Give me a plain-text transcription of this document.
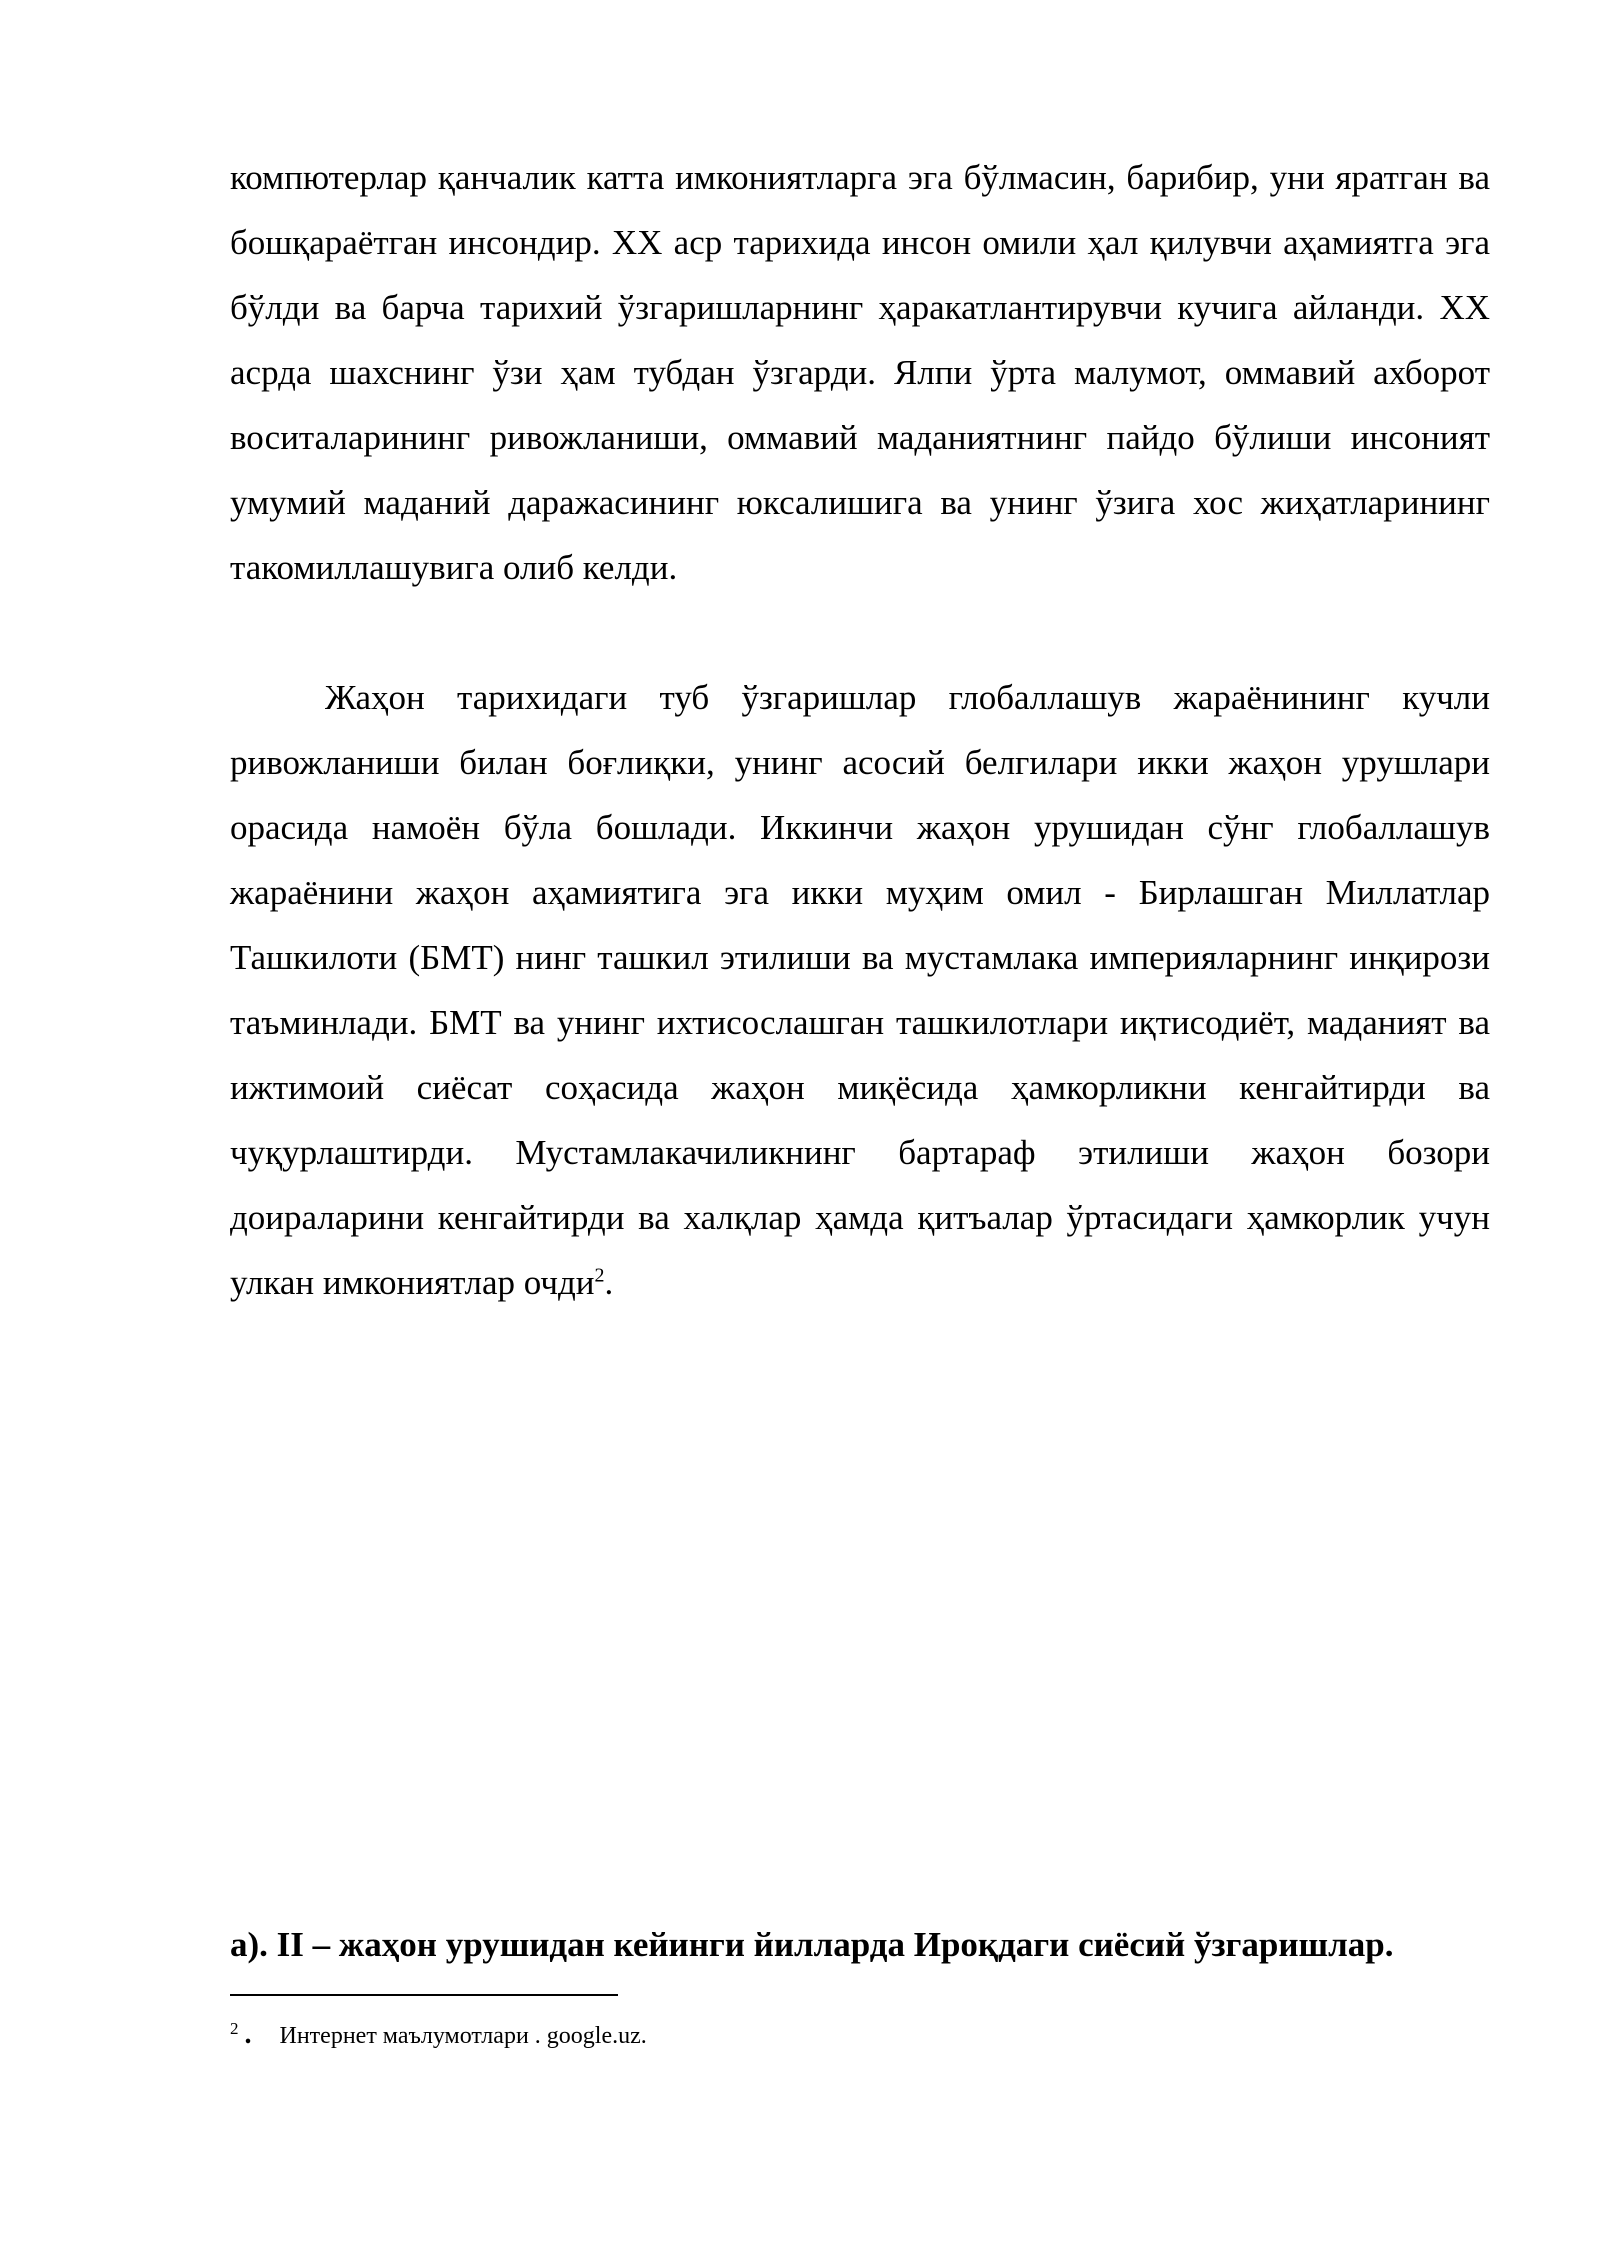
компютерлар қанчалик катта имкониятларга эга бўлмасин, барибир, уни яратган ва бошқараётган инсондир. XX аср тарихида инсон омили ҳал қилувчи аҳамиятга эга бўлди ва барча тарихий ўзгаришларнинг ҳаракатлантирувчи кучига айланди. XX асрда шахснинг ўзи ҳам тубдан ўзгарди. Ялпи ўрта малумот, оммавий ахборот воситаларининг ривожланиши, оммавий маданиятнинг пайдо бўлиши инсоният умумий маданий даражасининг юксалишига ва унинг ўзига хос жиҳатларининг такомиллашувига олиб келди.

Жаҳон тарихидаги туб ўзгаришлар глобаллашув жараёнининг кучли ривожланиши билан боғлиқки, унинг асосий белгилари икки жаҳон урушлари орасида намоён бўла бошлади. Иккинчи жаҳон урушидан сўнг глобаллашув жараёнини жаҳон аҳамиятига эга икки муҳим омил - Бирлашган Миллатлар Ташкилоти (БМТ) нинг ташкил этилиши ва мустамлака империяларнинг инқирози таъминлади. БМТ ва унинг ихтисослашган ташкилотлари иқтисодиёт, маданият ва ижтимоий сиёсат соҳасида жаҳон миқёсида ҳамкорликни кенгайтирди ва чуқурлаштирди. Мустамлакачиликнинг бартараф этилиши жаҳон бозори доираларини кенгайтирди ва халқлар ҳамда қитъалар ўртасидаги ҳамкорлик учун улкан имкониятлар очди$^2$.

а). II – жаҳон урушидан кейинги йилларда Ироқдаги сиёсий ўзгаришлар.
$^2$ . Интернет маълумотлари . google.uz.
